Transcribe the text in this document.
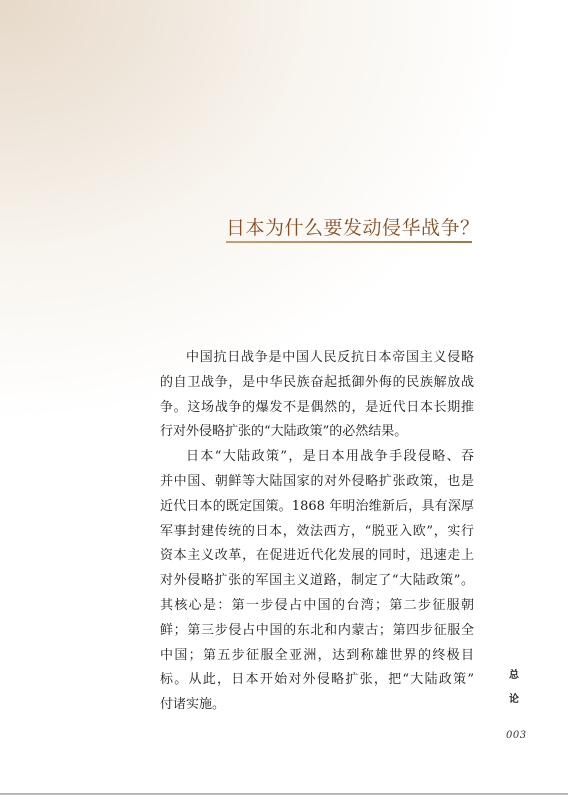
日本为什么要发动侵华战争？

中国抗日战争是中国人民反抗日本帝国主义侵略
的自卫战争，是中华民族奋起抵御外侮的民族解放战
争。这场战争的爆发不是偶然的，是近代日本长期推
行对外侵略扩张的“大陆政策”的必然结果。

日本“大陆政策”，是日本用战争手段侵略、吞
并中国、朝鲜等大陆国家的对外侵略扩张政策，也是
近代日本的既定国策。1868 年明治维新后，具有深厚
军事封建传统的日本，效法西方，“脱亚入欧”，实行
资本主义改革，在促进近代化发展的同时，迅速走上
对外侵略扩张的军国主义道路，制定了“大陆政策”。
其核心是：第一步侵占中国的台湾；第二步征服朝
鲜；第三步侵占中国的东北和内蒙古；第四步征服全
中国；第五步征服全亚洲，达到称雄世界的终极目
标。从此，日本开始对外侵略扩张，把“大陆政策”
付诸实施。

总
论
003
